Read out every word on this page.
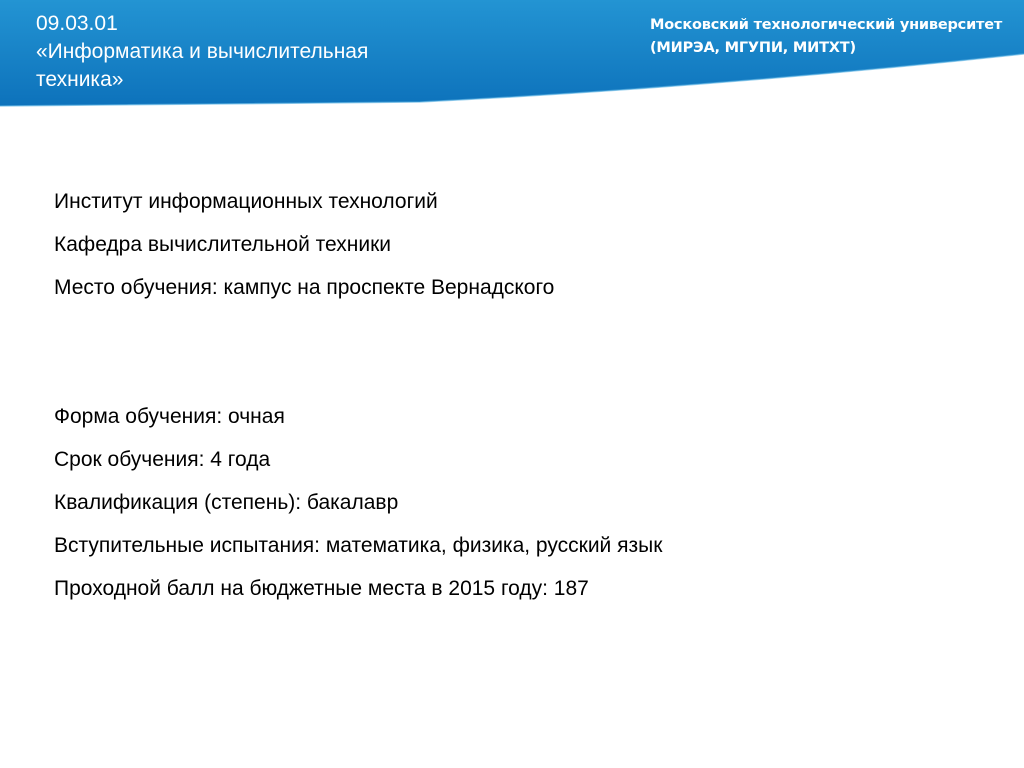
09.03.01
«Информатика и вычислительная
техника»
Московский технологический университет
(МИРЭА, МГУПИ, МИТХТ)
Институт информационных технологий
Кафедра вычислительной техники
Место обучения: кампус на проспекте Вернадского
Форма обучения: очная
Срок обучения: 4 года
Квалификация (степень): бакалавр
Вступительные испытания: математика, физика, русский язык
Проходной балл на бюджетные места в 2015 году: 187
